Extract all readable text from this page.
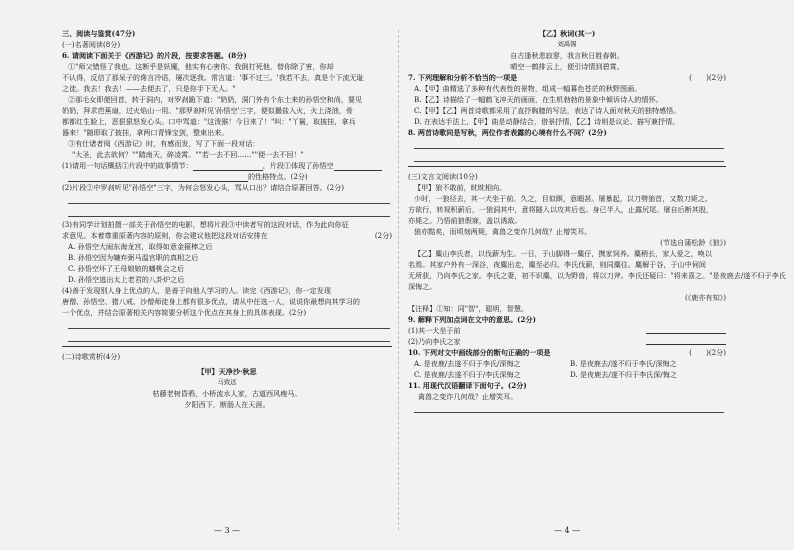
三、阅读与鉴赏(47分)
(一)名著阅读(8分)
6. 请阅读下面关于《西游记》的片段，按要求答题。(8分)
①"师父错怪了我也。这断乎是妖魔，他实有心害你。我倒打死他，替你除了害，你却
不认得，反信了那呆子的谗言冷语，屡次逐我。常言道：'事不过三。'我若不去，真是个下流无耻
之徒。我去！我去！——去便去了，只是你手下无人。"
②那毛女即便回首，转于洞内，对罗刹跪下道："奶奶，洞门外有个东土来的孙悟空和尚，要见
奶奶，拜求芭蕉扇，过火焰山一用。"那罗刹听见'孙悟空'三字，便似撮盐入火，火上浇油，骨
都都红生脸上，恶狠狠怒发心头。口中骂道："这泼猴！今日来了！"叫："丫鬟，取披挂，拿兵
器来！"随即取了披挂，拿两口青锋宝剑，整束出来。
③有仕诸者阅《西游记》时，有感而发，写了下面一段对话：
"大圣，此去欲何？""踏南天，碎凌霄。""若一去不回……""便一去不回！"
(1)请用一句话概括①片段中的故事情节：	，片段①体现了孙悟空
的性格特点。(2分)
(2)片段②中罗刹听见"孙悟空"三字，为何会怒发心头，骂从口出？请结合原著回答。(2分)
(3)有同学计划拍摄一部关于孙悟空的电影，想将片段③中读者写的这段对话，作为此向你征
求意见。本着尊重原著内容的原则，你会建议他把这段对话安排在	(2分)
A. 孙悟空大闹东海龙宫，取得如意金箍棒之后
B. 孙悟空因为嫌弃弼马温官职的真相之后
C. 孙悟空坏了王母娘娘的蟠桃会之后
D. 孙悟空逃出太上老君的八卦炉之后
(4)善于发现别人身上优点的人，是善于向他人学习的人。读完《西游记》，你一定发现
唐僧、孙悟空、猪八戒、沙僧师徒身上都有很多优点，请从中任选一人，说说你最想向其学习的
一个优点，并结合原著相关内容简要分析这个优点在其身上的具体表现。(2分)
(二)诗歌赏析(4分)
【甲】天净沙·秋思
马致远
枯藤老树昏鸦，小桥流水人家，古道西风瘦马。
夕阳西下，断肠人在天涯。
— 3 —
【乙】秋词(其一)
刘禹锡
自古逢秋悲寂寥，我言秋日胜春朝。
晴空一鹤排云上，便引诗情到碧霄。
7. 下列理解和分析不恰当的一项是	(　　)(2分)
A.【甲】曲精选了多种有代表性的景物，组成一幅暮色苍茫的秋野图画。
B.【乙】诗描绘了一幅鹤飞冲天的画面，在生机勃勃的景象中倾诉诗人的情怀。
C.【甲】【乙】两首诗歌都采用了直抒胸臆的写法，表达了诗人面对秋天的独特感悟。
D. 在表达手法上，【甲】曲是动静结合，借景抒情，【乙】诗则是议论、描写兼抒情。
8. 两首诗歌同是写秋，两位作者表露的心境有什么不同？(2分)
(三)文言文阅读(10分)
【甲】狼不敢前，眈眈相向。
少时，一狼径去，其一犬坐于前。久之，目似瞑，意暇甚。屠暴起，以刀劈狼首，又数刀毙之。
方欲行，转视积薪后，一狼洞其中，意将隧入以攻其后也。身已半入，止露尻尾。屠自后断其股，
亦毙之。乃悟前狼假寐，盖以诱敌。
狼亦黠矣，而顷刻两毙，禽兽之变诈几何哉？止增笑耳。
(节选自蒲松龄《狼》)
【乙】麋山李氏者，以伐薪为生。一日，于山脚得一麋仔，携家饲养。麋稍长，家人爱之，唤以
名焉。其家户外有一深谷，夜麋出走，麋至必归。李氏伐薪，则同麋往。麋解于谷，于山中伺间
无所获，乃向李氏之家。李氏之妻，初不识麋，以为野兽，将以刀斧。李氏还疑曰："将来喜之。"是夜鹿去/遂不归于李氏
深悔之。
(《鹿亦有知》)
【注释】①知：同"智"，聪明，智慧。
9. 解释下列加点词在文中的意思。(2分)
(1)其一犬坐于前
(2)乃向李氏之家
10. 下列对文中画线部分的断句正确的一项是	(　　)(2分)
A. 是夜鹿/去遂不归于李氏/深悔之	B. 是夜鹿去/遂不归于李氏/深悔之
C. 是夜鹿/去遂不归于/李氏深悔之	D. 是夜鹿去/遂不归于李氏深/悔之
11. 用现代汉语翻译下面句子。(2分)
禽兽之变诈几何哉？止增笑耳。
— 4 —
